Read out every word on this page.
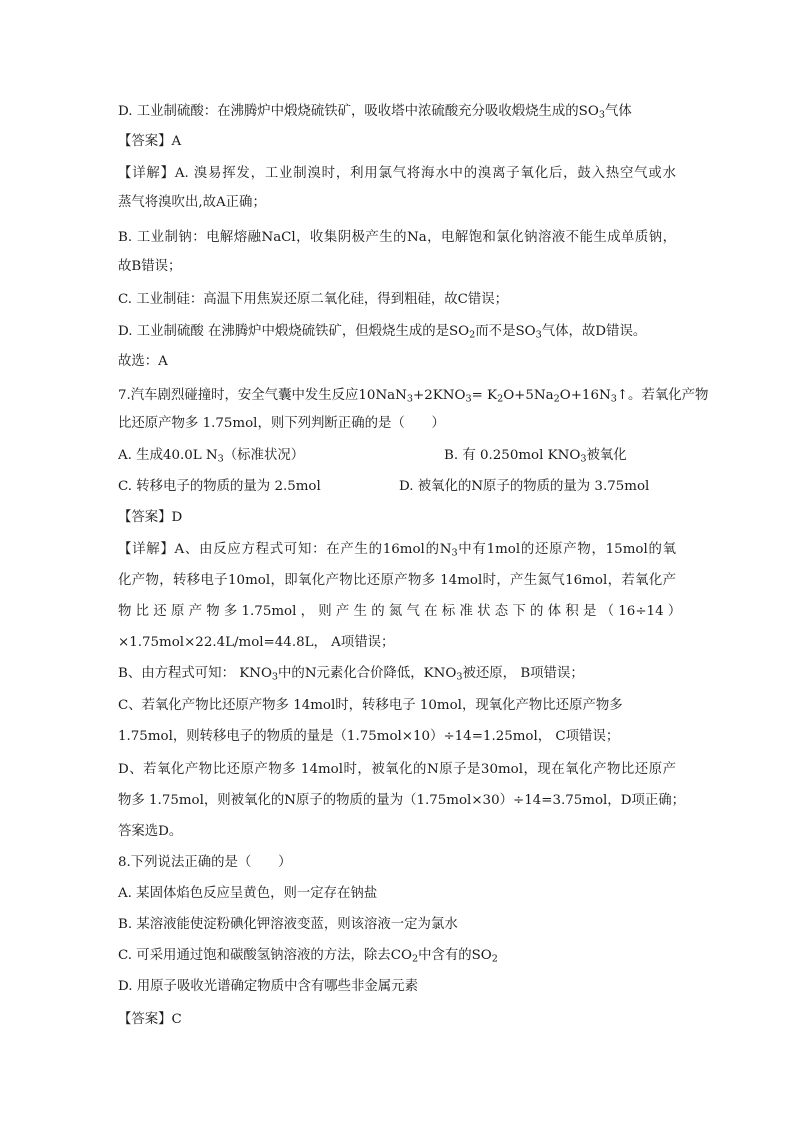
D. 工业制硫酸：在沸腾炉中煅烧硫铁矿，吸收塔中浓硫酸充分吸收煅烧生成的$SO_3$气体
【答案】A
【详解】A. 溴易挥发，工业制溴时，利用氯气将海水中的溴离子氧化后，鼓入热空气或水
蒸气将溴吹出,故A正确；
B. 工业制钠：电解熔融NaCl，收集阴极产生的Na，电解饱和氯化钠溶液不能生成单质钠，
故B错误；
C. 工业制硅：高温下用焦炭还原二氧化硅，得到粗硅，故C错误；
D. 工业制硫酸 在沸腾炉中煅烧硫铁矿，但煅烧生成的是$SO_2$而不是$SO_3$气体，故D错误。
故选：A
7.汽车剧烈碰撞时，安全气囊中发生反应$10NaN_3+2KNO_3=$ $K_2O+5Na_2O+16N_3↑$。若氧化产物
比还原产物多 1.75mol，则下列判断正确的是（　　）
A. 生成40.0L $N_3$（标准状况）	B. 有 0.250mol $KNO_3$被氧化
C. 转移电子的物质的量为 2.5mol	D. 被氧化的N原子的物质的量为 3.75mol
【答案】D
【详解】A、由反应方程式可知：在产生的16mol的$N_3$中有1mol的还原产物，15mol的氧
化产物，转移电子10mol，即氧化产物比还原产物多 14mol时，产生氮气16mol，若氧化产
物 比 还 原 产 物 多 1.75mol ， 则 产 生 的 氮 气 在 标 准 状 态 下 的 体 积 是 （ 16÷14 ）
×1.75mol×22.4L/mol=44.8L， A项错误；
B、由方程式可知： $KNO_3$中的N元素化合价降低，$KNO_3$被还原， B项错误；
C、若氧化产物比还原产物多 14mol时，转移电子 10mol，现氧化产物比还原产物多
1.75mol，则转移电子的物质的量是（1.75mol×10）÷14=1.25mol， C项错误；
D、若氧化产物比还原产物多 14mol时，被氧化的N原子是30mol，现在氧化产物比还原产
物多 1.75mol，则被氧化的N原子的物质的量为（1.75mol×30）÷14=3.75mol，D项正确；
答案选D。
8.下列说法正确的是（　　）
A. 某固体焰色反应呈黄色，则一定存在钠盐
B. 某溶液能使淀粉碘化钾溶液变蓝，则该溶液一定为氯水
C. 可采用通过饱和碳酸氢钠溶液的方法，除去$CO_2$中含有的$SO_2$
D. 用原子吸收光谱确定物质中含有哪些非金属元素
【答案】C
